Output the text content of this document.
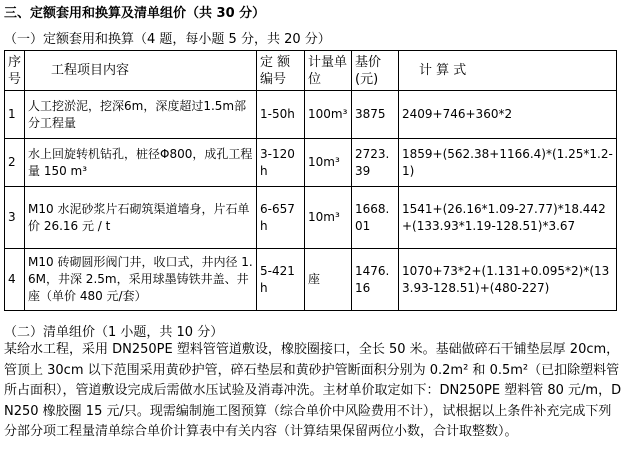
三、定额套用和换算及清单组价（共 30 分）
（一）定额套用和换算（4 题，每小题 5 分，共 20 分）
序号	工程项目内容	定 额编号	计量单位	基价(元)	计 算 式
1	人工挖淤泥，挖深6m，深度超过1.5m部分工程量	1-50h	100m³	3875	2409+746+360*2
2	水上回旋转机钻孔，桩径Φ800，成孔工程量 150 m³	3-120h	10m³	2723.39	1859+(562.38+1166.4)*(1.25*1.2-1)
3	M10 水泥砂浆片石砌筑渠道墙身，片石单价 26.16 元 / t	6-657h	10m³	1668.01	1541+(26.16*1.09-27.77)*18.442+(133.93*1.19-128.51)*3.67
4	M10 砖砌圆形阀门井，收口式，井内径 1.6M，井深 2.5m，采用球墨铸铁井盖、井座（单价 480 元/套）	5-421h	座	1476.16	1070+73*2+(1.131+0.095*2)*(133.93-128.51)+(480-227)
（二）清单组价（1 小题，共 10 分）
某给水工程，采用 DN250PE 塑料管管道敷设，橡胶圈接口，全长 50 米。基础做碎石干铺垫层厚 20cm，管顶上 30cm 以下范围采用黄砂护管，碎石垫层和黄砂护管断面积分别为 0.2m² 和 0.5m²（已扣除塑料管所占面积），管道敷设完成后需做水压试验及消毒冲洗。主材单价取定如下：DN250PE 塑料管 80 元/m，DN250 橡胶圈 15 元/只。现需编制施工图预算（综合单价中风险费用不计），试根据以上条件补充完成下列分部分项工程量清单综合单价计算表中有关内容（计算结果保留两位小数，合计取整数）。
